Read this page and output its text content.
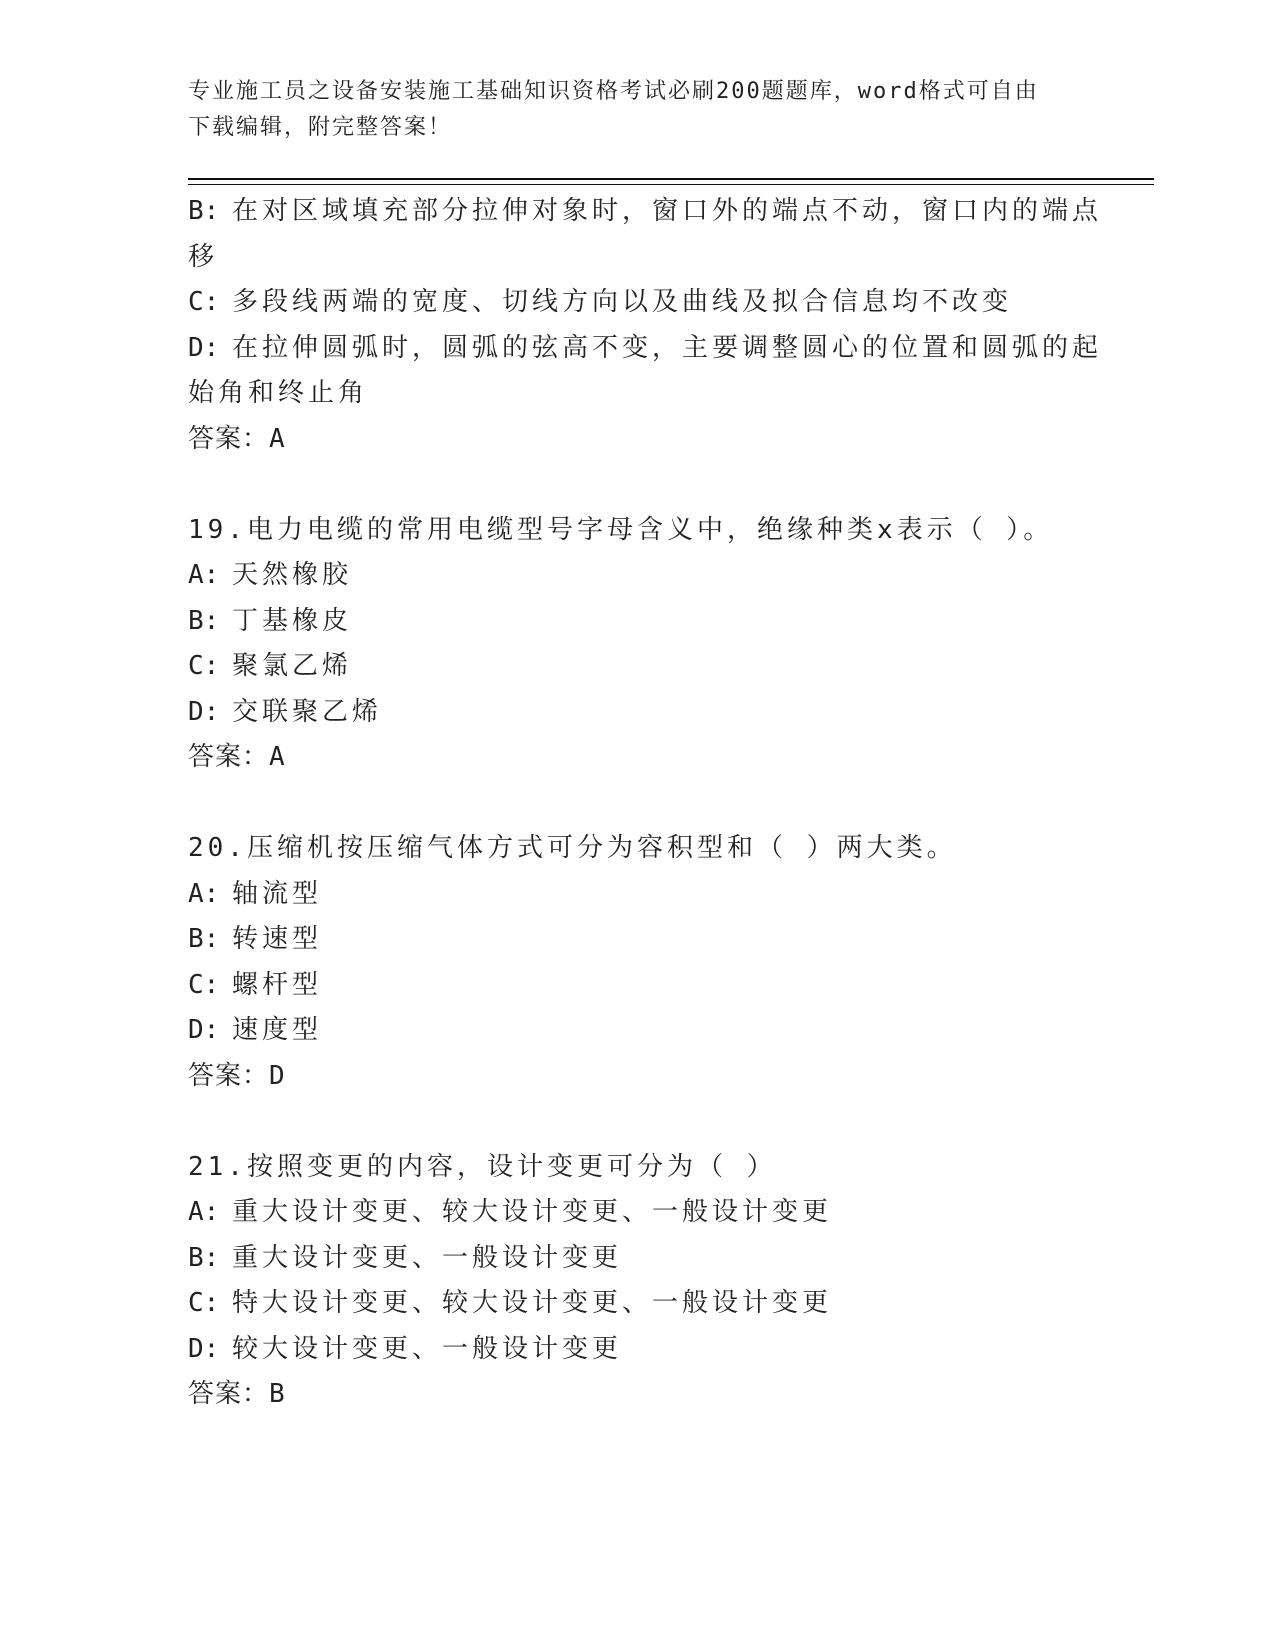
专业施工员之设备安装施工基础知识资格考试必刷200题题库，word格式可自由
下载编辑，附完整答案！
B: 在对区域填充部分拉伸对象时，窗口外的端点不动，窗口内的端点
移
C: 多段线两端的宽度、切线方向以及曲线及拟合信息均不改变
D: 在拉伸圆弧时，圆弧的弦高不变，主要调整圆心的位置和圆弧的起
始角和终止角
答案：A
19.电力电缆的常用电缆型号字母含义中，绝缘种类x表示（ ）。
A: 天然橡胶
B: 丁基橡皮
C: 聚氯乙烯
D: 交联聚乙烯
答案：A
20.压缩机按压缩气体方式可分为容积型和（ ）两大类。
A: 轴流型
B: 转速型
C: 螺杆型
D: 速度型
答案：D
21.按照变更的内容，设计变更可分为（ ）
A: 重大设计变更、较大设计变更、一般设计变更
B: 重大设计变更、一般设计变更
C: 特大设计变更、较大设计变更、一般设计变更
D: 较大设计变更、一般设计变更
答案：B
